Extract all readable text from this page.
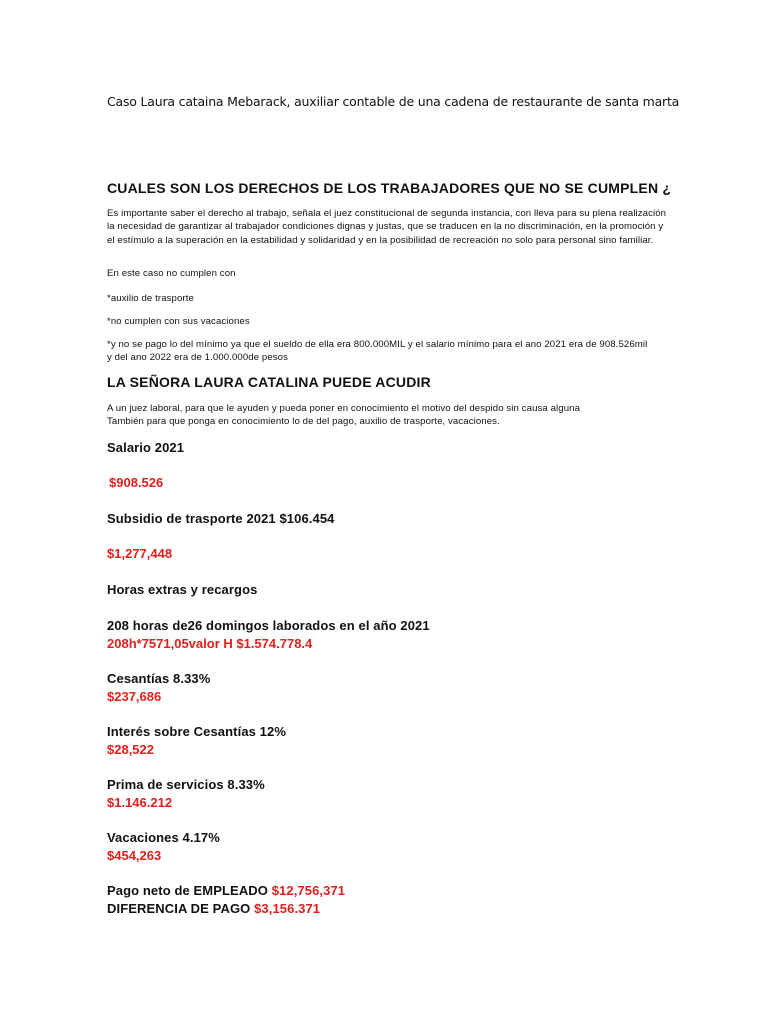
Caso Laura cataina Mebarack, auxiliar contable de una cadena de restaurante de santa marta
CUALES SON LOS DERECHOS DE LOS TRABAJADORES QUE NO SE CUMPLEN ¿
Es importante saber el derecho al trabajo, señala el juez constitucional de segunda instancia, con lleva para su plena realización la necesidad de garantizar al trabajador condiciones dignas y justas, que se traducen en la no discriminación, en la promoción y el estímulo a la superación en la estabilidad y solidaridad y en la posibilidad de recreación no solo para personal sino familiar.
En este caso no cumplen con
*auxilio de trasporte
*no cumplen con sus vacaciones
*y no se pago lo del mínimo ya que el sueldo de ella era 800.000MIL y el salario mínimo para el ano 2021 era de 908.526mil
y del ano 2022 era de 1.000.000de pesos
LA SEÑORA LAURA CATALINA PUEDE ACUDIR
A un juez laboral, para que le ayuden y pueda poner en conocimiento el motivo del despido sin causa alguna
También para que ponga en conocimiento lo de del pago, auxilio de trasporte, vacaciones.
Salario 2021
$908.526
Subsidio de trasporte 2021 $106.454
$1,277,448
Horas extras y recargos
208 horas de26 domingos laborados en el año 2021
208h*7571,05valor H $1.574.778.4
Cesantías 8.33%
$237,686
Interés sobre Cesantías 12%
$28,522
Prima de servicios 8.33%
$1.146.212
Vacaciones 4.17%
$454,263
Pago neto de EMPLEADO $12,756,371
DIFERENCIA DE PAGO $3,156.371
